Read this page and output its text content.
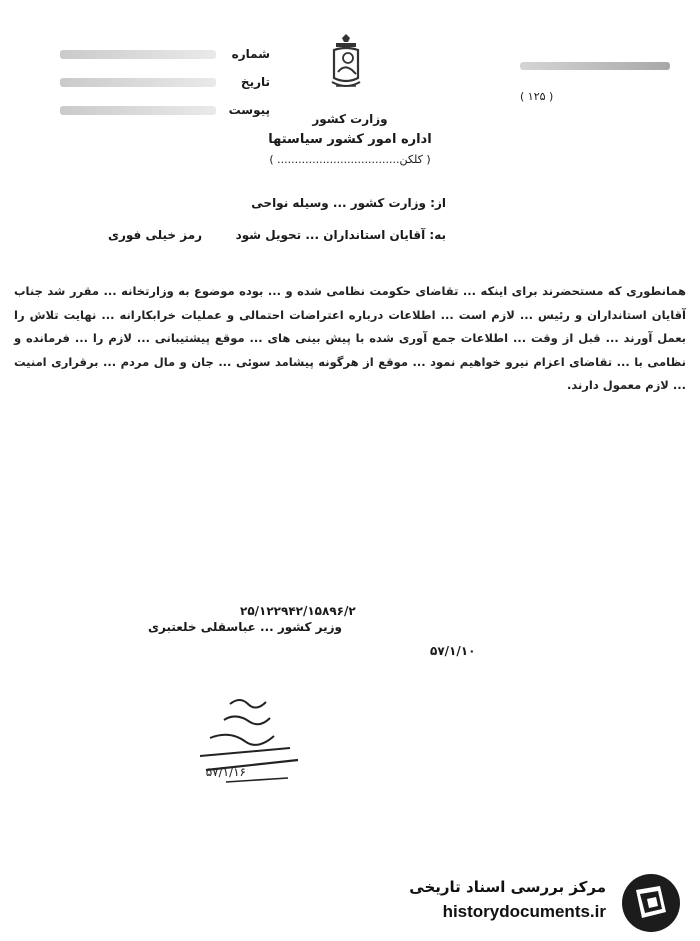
شماره
تاریخ
پیوست
وزارت کشور
اداره امور کشور سیاستها
( کلکن................................... )
( ۱۲۵ )
از: وزارت کشور ... وسیله نواحی
به: آقایان استانداران ... تحویل شود
رمز خیلی فوری
همانطوری که مستحضرند برای اینکه ... تقاضای حکومت نظامی شده و ... بوده موضوع به وزارتخانه ... مقرر شد جناب آقایان استانداران و رئیس ... لازم است ... اطلاعات درباره اعتراضات احتمالی و عملیات خرابکارانه ... نهایت تلاش را بعمل آورند ... قبل از وقت ... اطلاعات جمع آوری شده با پیش بینی های ... موقع پیشتیبانی ... لازم را ... فرمانده و نظامی با ... تقاضای اعزام نیرو خواهیم نمود ... موقع از هرگونه پیشامد سوئی ... جان و مال مردم ... برقراری امنیت ... لازم معمول دارند.
۲۵/۱۲۲۹۴۲/۱۵۸۹۶/۲
وزیر کشور ... عباسقلی خلعتبری
۵۷/۱/۱۰
۵۷/۱/۱۶
مرکز بررسی اسناد تاریخی
historydocuments.ir
